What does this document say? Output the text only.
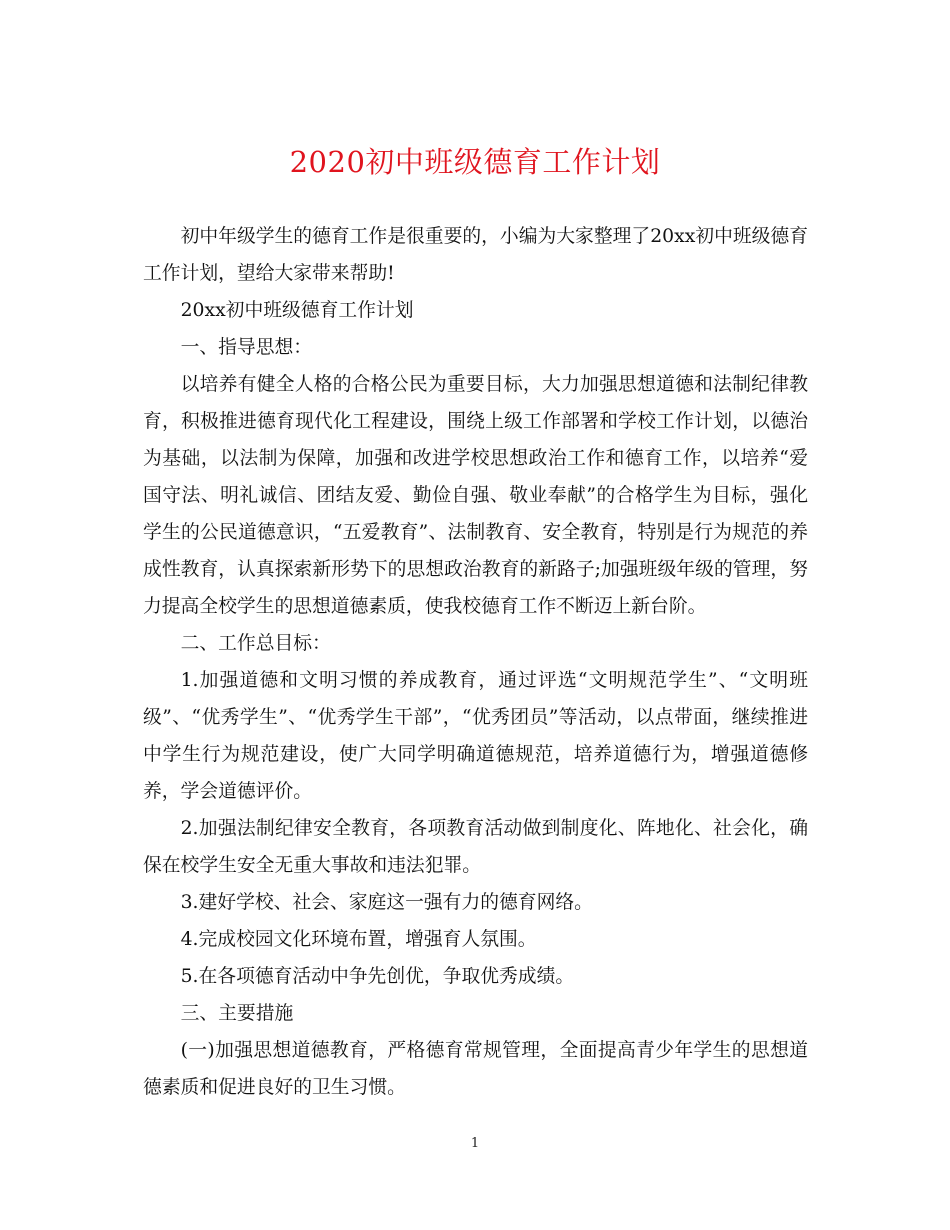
2020初中班级德育工作计划

初中年级学生的德育工作是很重要的，小编为大家整理了20xx初中班级德育工作计划，望给大家带来帮助!

20xx初中班级德育工作计划

一、指导思想：

以培养有健全人格的合格公民为重要目标，大力加强思想道德和法制纪律教育，积极推进德育现代化工程建设，围绕上级工作部署和学校工作计划，以德治为基础，以法制为保障，加强和改进学校思想政治工作和德育工作，以培养“爱国守法、明礼诚信、团结友爱、勤俭自强、敬业奉献”的合格学生为目标，强化学生的公民道德意识，“五爱教育”、法制教育、安全教育，特别是行为规范的养成性教育，认真探索新形势下的思想政治教育的新路子;加强班级年级的管理，努力提高全校学生的思想道德素质，使我校德育工作不断迈上新台阶。

二、工作总目标：

1.加强道德和文明习惯的养成教育，通过评选“文明规范学生”、“文明班级”、“优秀学生”、“优秀学生干部”，“优秀团员”等活动，以点带面，继续推进中学生行为规范建设，使广大同学明确道德规范，培养道德行为，增强道德修养，学会道德评价。

2.加强法制纪律安全教育，各项教育活动做到制度化、阵地化、社会化，确保在校学生安全无重大事故和违法犯罪。

3.建好学校、社会、家庭这一强有力的德育网络。

4.完成校园文化环境布置，增强育人氛围。

5.在各项德育活动中争先创优，争取优秀成绩。

三、主要措施

(一)加强思想道德教育，严格德育常规管理，全面提高青少年学生的思想道德素质和促进良好的卫生习惯。

1
